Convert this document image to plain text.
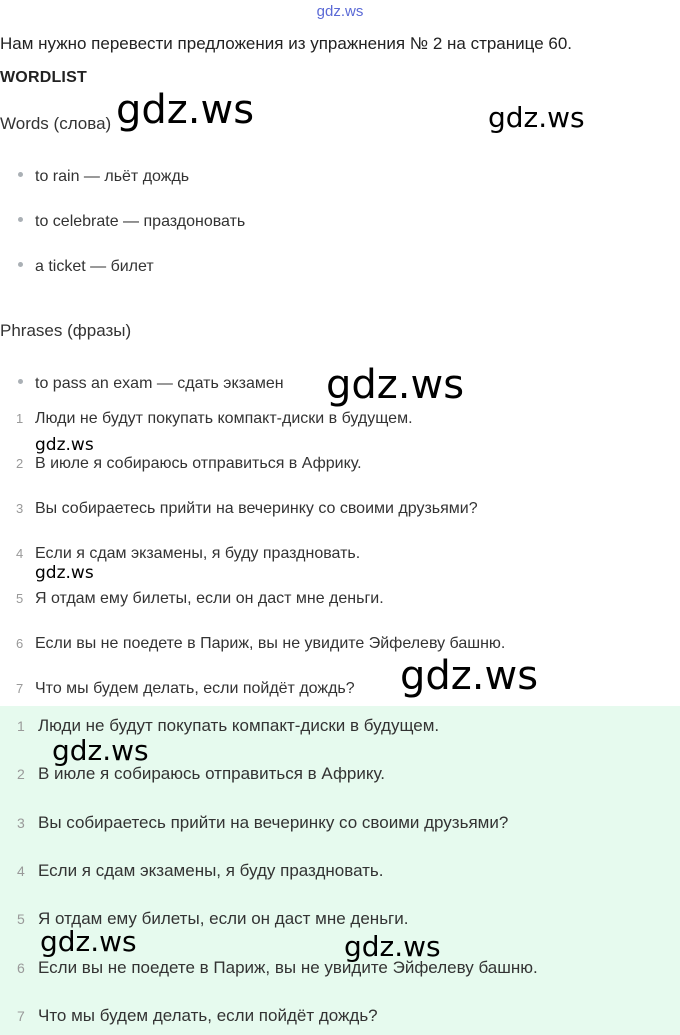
gdz.ws
Нам нужно перевести предложения из упражнения № 2 на странице 60.
WORDLIST
Words (слова)
to rain — льёт дождь
to celebrate — праздоновать
a ticket — билет
Phrases (фразы)
to pass an exam — сдать экзамен
1 Люди не будут покупать компакт-диски в будущем.
2 В июле я собираюсь отправиться в Африку.
3 Вы собираетесь прийти на вечеринку со своими друзьями?
4 Если я сдам экзамены, я буду праздновать.
5 Я отдам ему билеты, если он даст мне деньги.
6 Если вы не поедете в Париж, вы не увидите Эйфелеву башню.
7 Что мы будем делать, если пойдёт дождь?
1 Люди не будут покупать компакт-диски в будущем.
2 В июле я собираюсь отправиться в Африку.
3 Вы собираетесь прийти на вечеринку со своими друзьями?
4 Если я сдам экзамены, я буду праздновать.
5 Я отдам ему билеты, если он даст мне деньги.
6 Если вы не поедете в Париж, вы не увидите Эйфелеву башню.
7 Что мы будем делать, если пойдёт дождь?
gdz.ws	gdz.ws
gdz.ws
gdz.ws
gdz.ws
gdz.ws
gdz.ws
gdz.ws	gdz.ws
